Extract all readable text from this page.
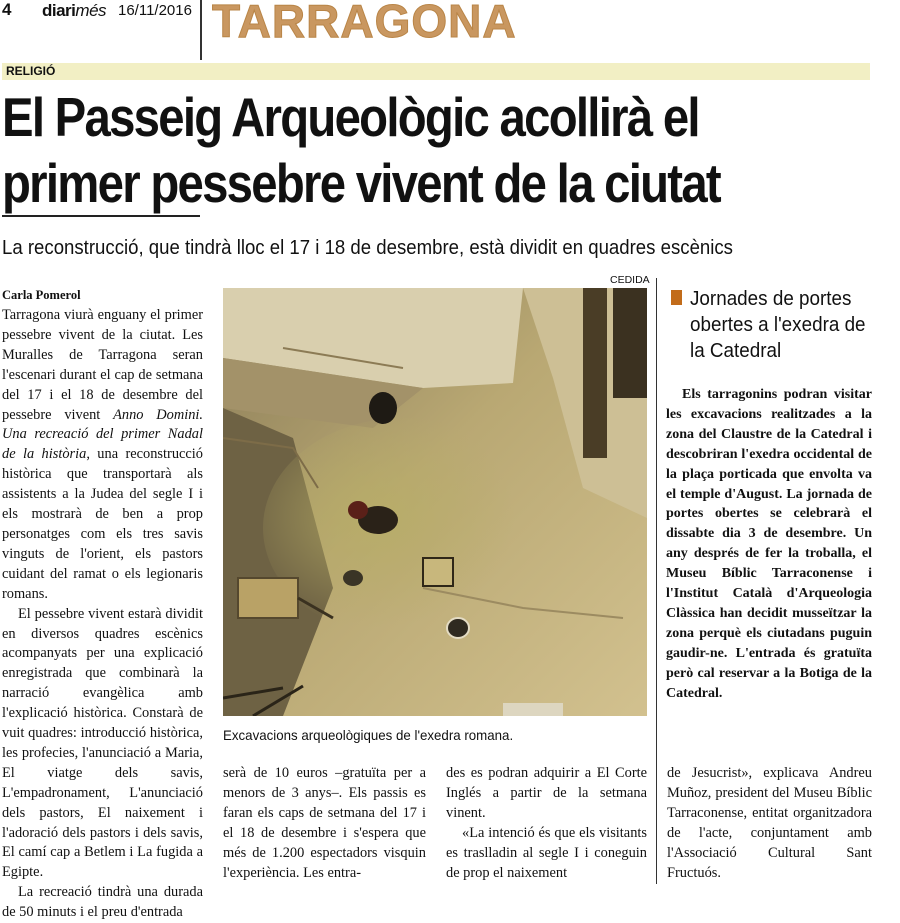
4 diarimés 16/11/2016 TARRAGONA
RELIGIÓ
El Passeig Arqueològic acollirà el
primer pessebre vivent de la ciutat
La reconstrucció, que tindrà lloc el 17 i 18 de desembre, està dividit en quadres escènics
Carla Pomerol

Tarragona viurà enguany el primer pessebre vivent de la ciutat. Les Muralles de Tarragona seran l'escenari durant el cap de setmana del 17 i el 18 de desembre del pessebre vivent Anno Domini. Una recreació del primer Nadal de la història, una reconstrucció històrica que transportarà als assistents a la Judea del segle I i els mostrarà de ben a prop personatges com els tres savis vinguts de l'orient, els pastors cuidant del ramat o els legionaris romans.

El pessebre vivent estarà dividit en diversos quadres escènics acompanyats per una explicació enregistrada que combinarà la narració evangèlica amb l'explicació històrica. Constarà de vuit quadres: introducció històrica, les profecies, l'anunciació a Maria, El viatge dels savis, L'empadronament, L'anunciació dels pastors, El naixement i l'adoració dels pastors i dels savis, El camí cap a Betlem i La fugida a Egipte.

La recreació tindrà una durada de 50 minuts i el preu d'entrada

CEDIDA
Excavacions arqueològiques de l'exedra romana.

serà de 10 euros –gratuïta per a menors de 3 anys–. Els passis es faran els caps de setmana del 17 i el 18 de desembre i s'espera que més de 1.200 espectadors visquin l'experiència. Les entra-

des es podran adquirir a El Corte Inglés a partir de la setmana vinent.

«La intenció és que els visitants es traslladin al segle I i coneguin de prop el naixement

Jornades de portes obertes a l'exedra de la Catedral
Els tarragonins podran visitar les excavacions realitzades a la zona del Claustre de la Catedral i descobriran l'exedra occidental de la plaça porticada que envolta va el temple d'August. La jornada de portes obertes se celebrarà el dissabte dia 3 de desembre. Un any després de fer la troballa, el Museu Bíblic Tarraconense i l'Institut Català d'Arqueologia Clàssica han decidit musseïtzar la zona perquè els ciutadans puguin gaudir-ne. L'entrada és gratuïta però cal reservar a la Botiga de la Catedral.

de Jesucrist», explicava Andreu Muñoz, president del Museu Bíblic Tarraconense, entitat organitzadora de l'acte, conjuntament amb l'Associació Cultural Sant Fructuós.
